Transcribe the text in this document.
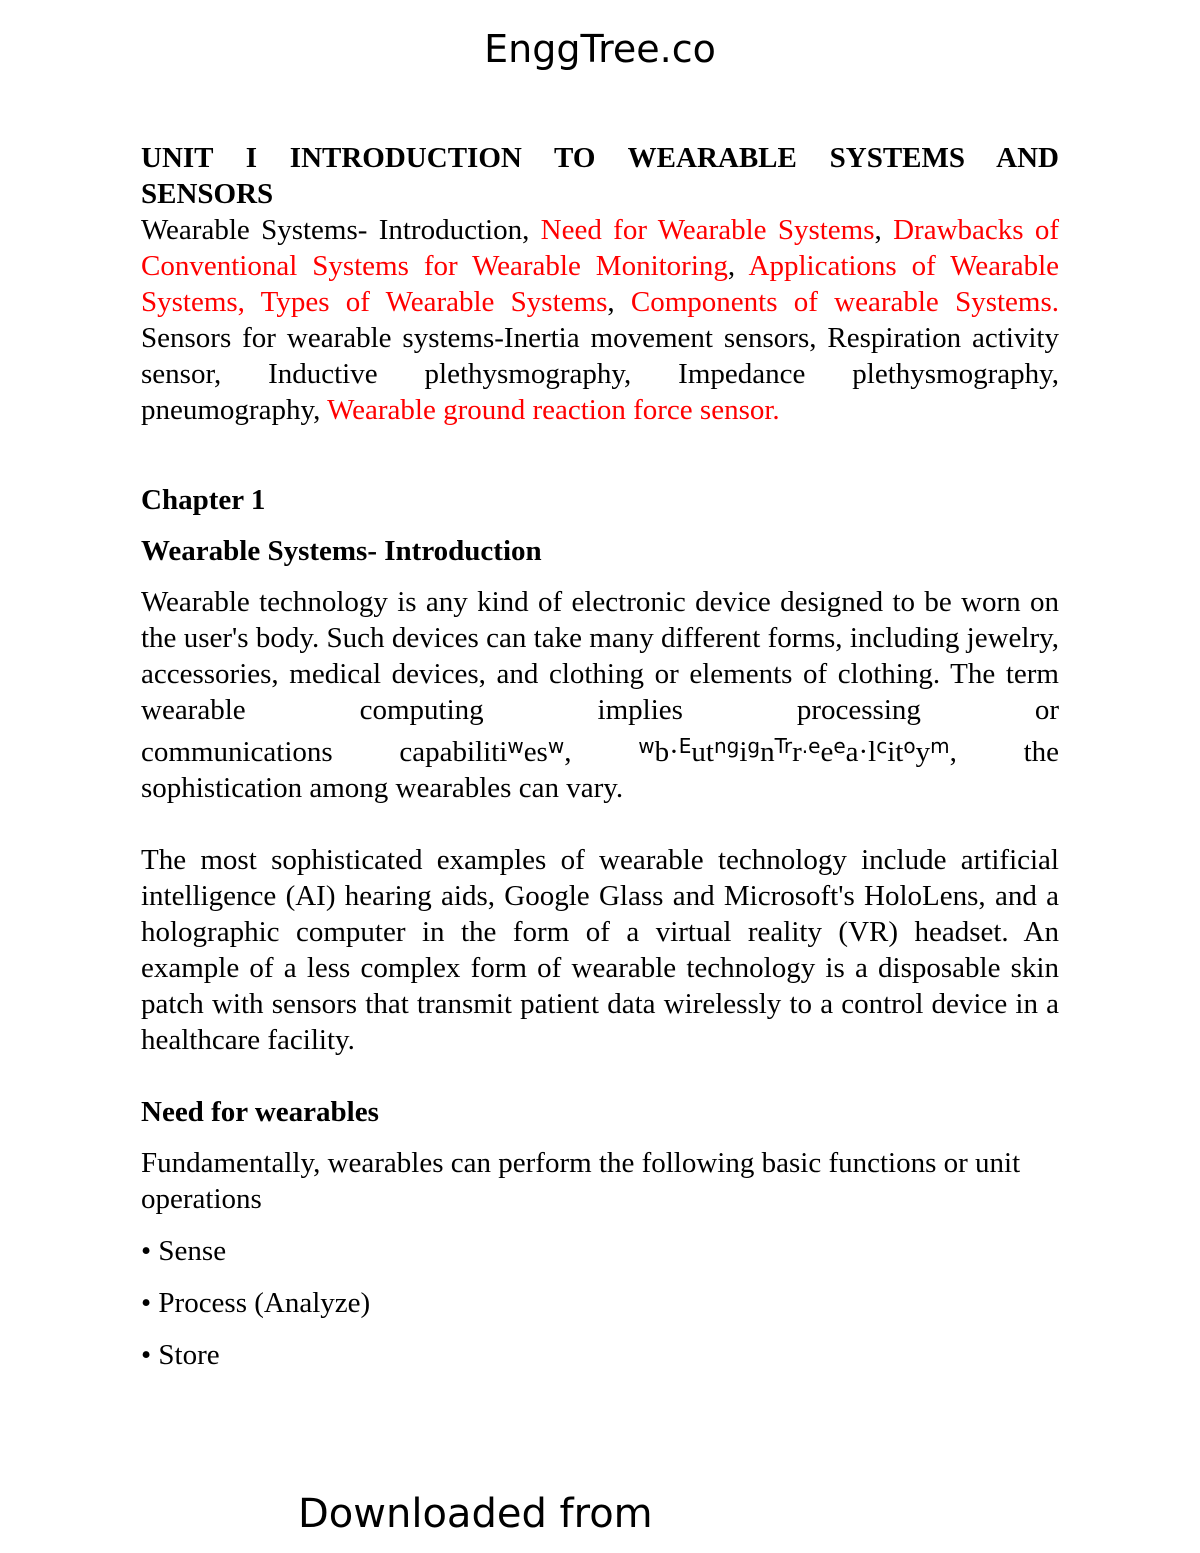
EnggTree.co

UNIT I INTRODUCTION TO WEARABLE SYSTEMS AND SENSORS

Wearable Systems- Introduction, Need for Wearable Systems, Drawbacks of Conventional Systems for Wearable Monitoring, Applications of Wearable Systems, Types of Wearable Systems, Components of wearable Systems. Sensors for wearable systems-Inertia movement sensors, Respiration activity sensor, Inductive plethysmography, Impedance plethysmography, pneumography, Wearable ground reaction force sensor.

Chapter 1

Wearable Systems- Introduction

Wearable technology is any kind of electronic device designed to be worn on the user's body. Such devices can take many different forms, including jewelry, accessories, medical devices, and clothing or elements of clothing. The term wearable computing implies processing or

communications $capabiliti^wes^w$,	$^wb\cdot^Eut^{ng}i^gn^{Tr}r^{.e}e^ea\cdot l^cit^oy^m$, the

sophistication among wearables can vary.

The most sophisticated examples of wearable technology include artificial intelligence (AI) hearing aids, Google Glass and Microsoft's HoloLens, and a holographic computer in the form of a virtual reality (VR) headset. An example of a less complex form of wearable technology is a disposable skin patch with sensors that transmit patient data wirelessly to a control device in a healthcare facility.

Need for wearables

Fundamentally, wearables can perform the following basic functions or unit operations

• Sense

• Process (Analyze)

• Store

Downloaded from
